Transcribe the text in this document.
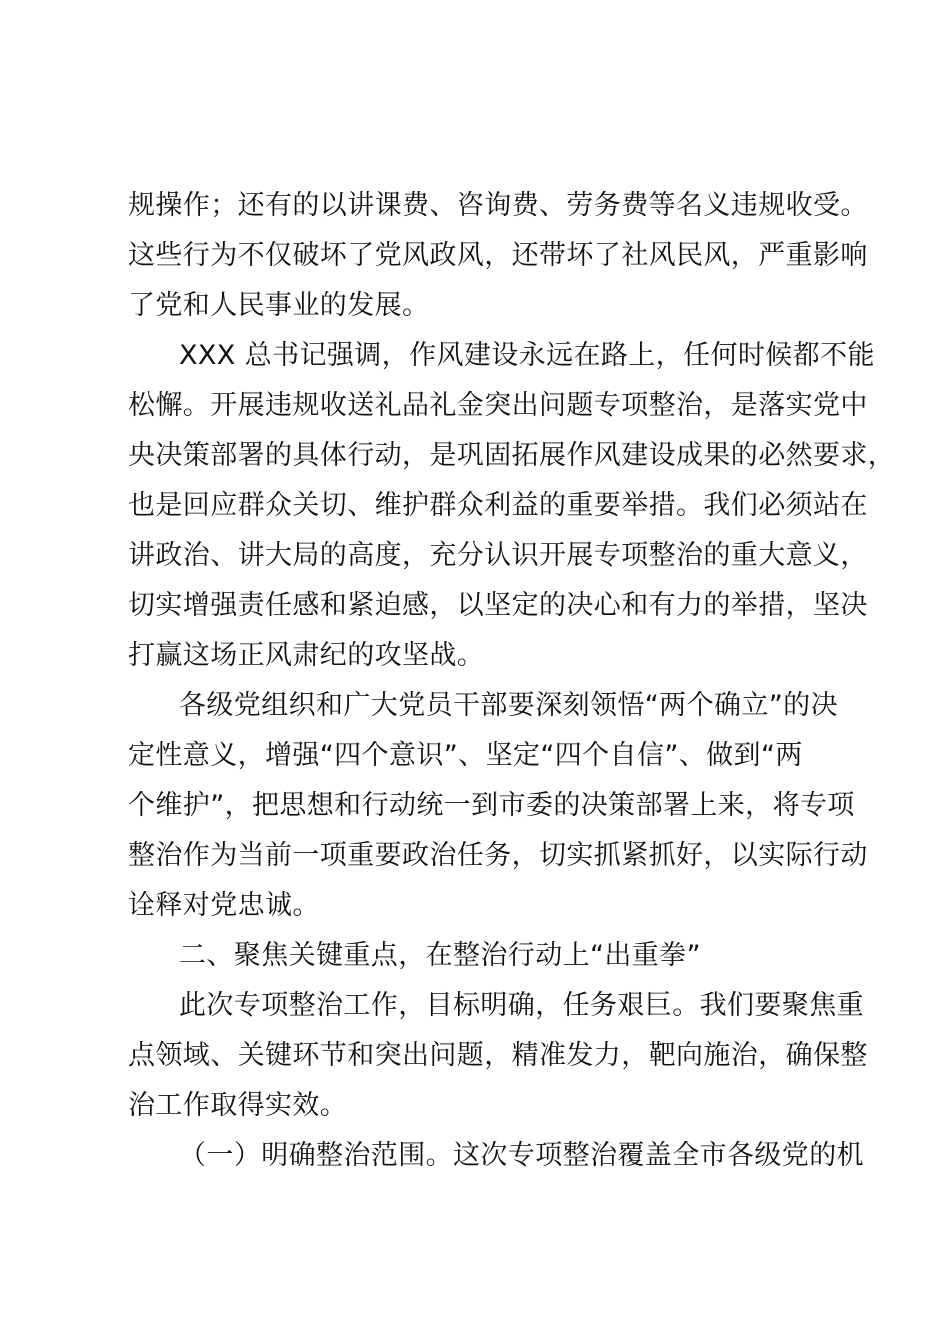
规操作；还有的以讲课费、咨询费、劳务费等名义违规收受。
这些行为不仅破坏了党风政风，还带坏了社风民风，严重影响
了党和人民事业的发展。
XXX 总书记强调，作风建设永远在路上，任何时候都不能
松懈。开展违规收送礼品礼金突出问题专项整治，是落实党中
央决策部署的具体行动，是巩固拓展作风建设成果的必然要求，
也是回应群众关切、维护群众利益的重要举措。我们必须站在
讲政治、讲大局的高度，充分认识开展专项整治的重大意义，
切实增强责任感和紧迫感，以坚定的决心和有力的举措，坚决
打赢这场正风肃纪的攻坚战。
各级党组织和广大党员干部要深刻领悟“两个确立”的决
定性意义，增强“四个意识”、坚定“四个自信”、做到“两
个维护”，把思想和行动统一到市委的决策部署上来，将专项
整治作为当前一项重要政治任务，切实抓紧抓好，以实际行动
诠释对党忠诚。
二、聚焦关键重点，在整治行动上“出重拳”
此次专项整治工作，目标明确，任务艰巨。我们要聚焦重
点领域、关键环节和突出问题，精准发力，靶向施治，确保整
治工作取得实效。
（一）明确整治范围。这次专项整治覆盖全市各级党的机
